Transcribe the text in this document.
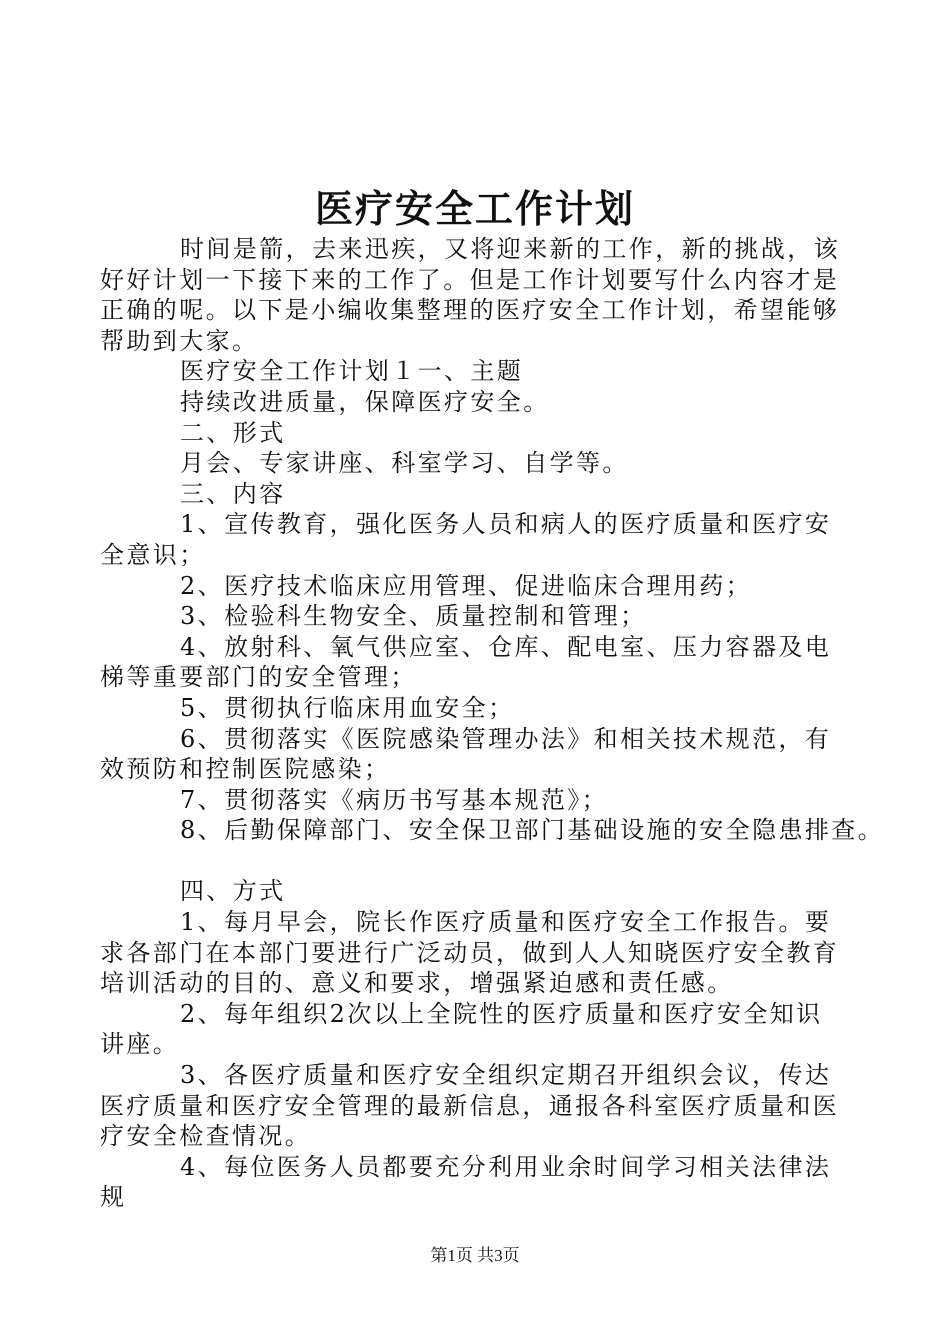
医疗安全工作计划

时间是箭，去来迅疾，又将迎来新的工作，新的挑战，该好好计划一下接下来的工作了。但是工作计划要写什么内容才是正确的呢。以下是小编收集整理的医疗安全工作计划，希望能够帮助到大家。

医疗安全工作计划１一、主题

持续改进质量，保障医疗安全。

二、形式

月会、专家讲座、科室学习、自学等。

三、内容

1、宣传教育，强化医务人员和病人的医疗质量和医疗安全意识；

2、医疗技术临床应用管理、促进临床合理用药；

3、检验科生物安全、质量控制和管理；

4、放射科、氧气供应室、仓库、配电室、压力容器及电梯等重要部门的安全管理；

5、贯彻执行临床用血安全；

6、贯彻落实《医院感染管理办法》和相关技术规范，有效预防和控制医院感染；

7、贯彻落实《病历书写基本规范》；

8、后勤保障部门、安全保卫部门基础设施的安全隐患排查。

四、方式

1、每月早会，院长作医疗质量和医疗安全工作报告。要求各部门在本部门要进行广泛动员，做到人人知晓医疗安全教育培训活动的目的、意义和要求，增强紧迫感和责任感。

2、每年组织2次以上全院性的医疗质量和医疗安全知识讲座。

3、各医疗质量和医疗安全组织定期召开组织会议，传达医疗质量和医疗安全管理的最新信息，通报各科室医疗质量和医疗安全检查情况。

4、每位医务人员都要充分利用业余时间学习相关法律法规

第1页 共3页
